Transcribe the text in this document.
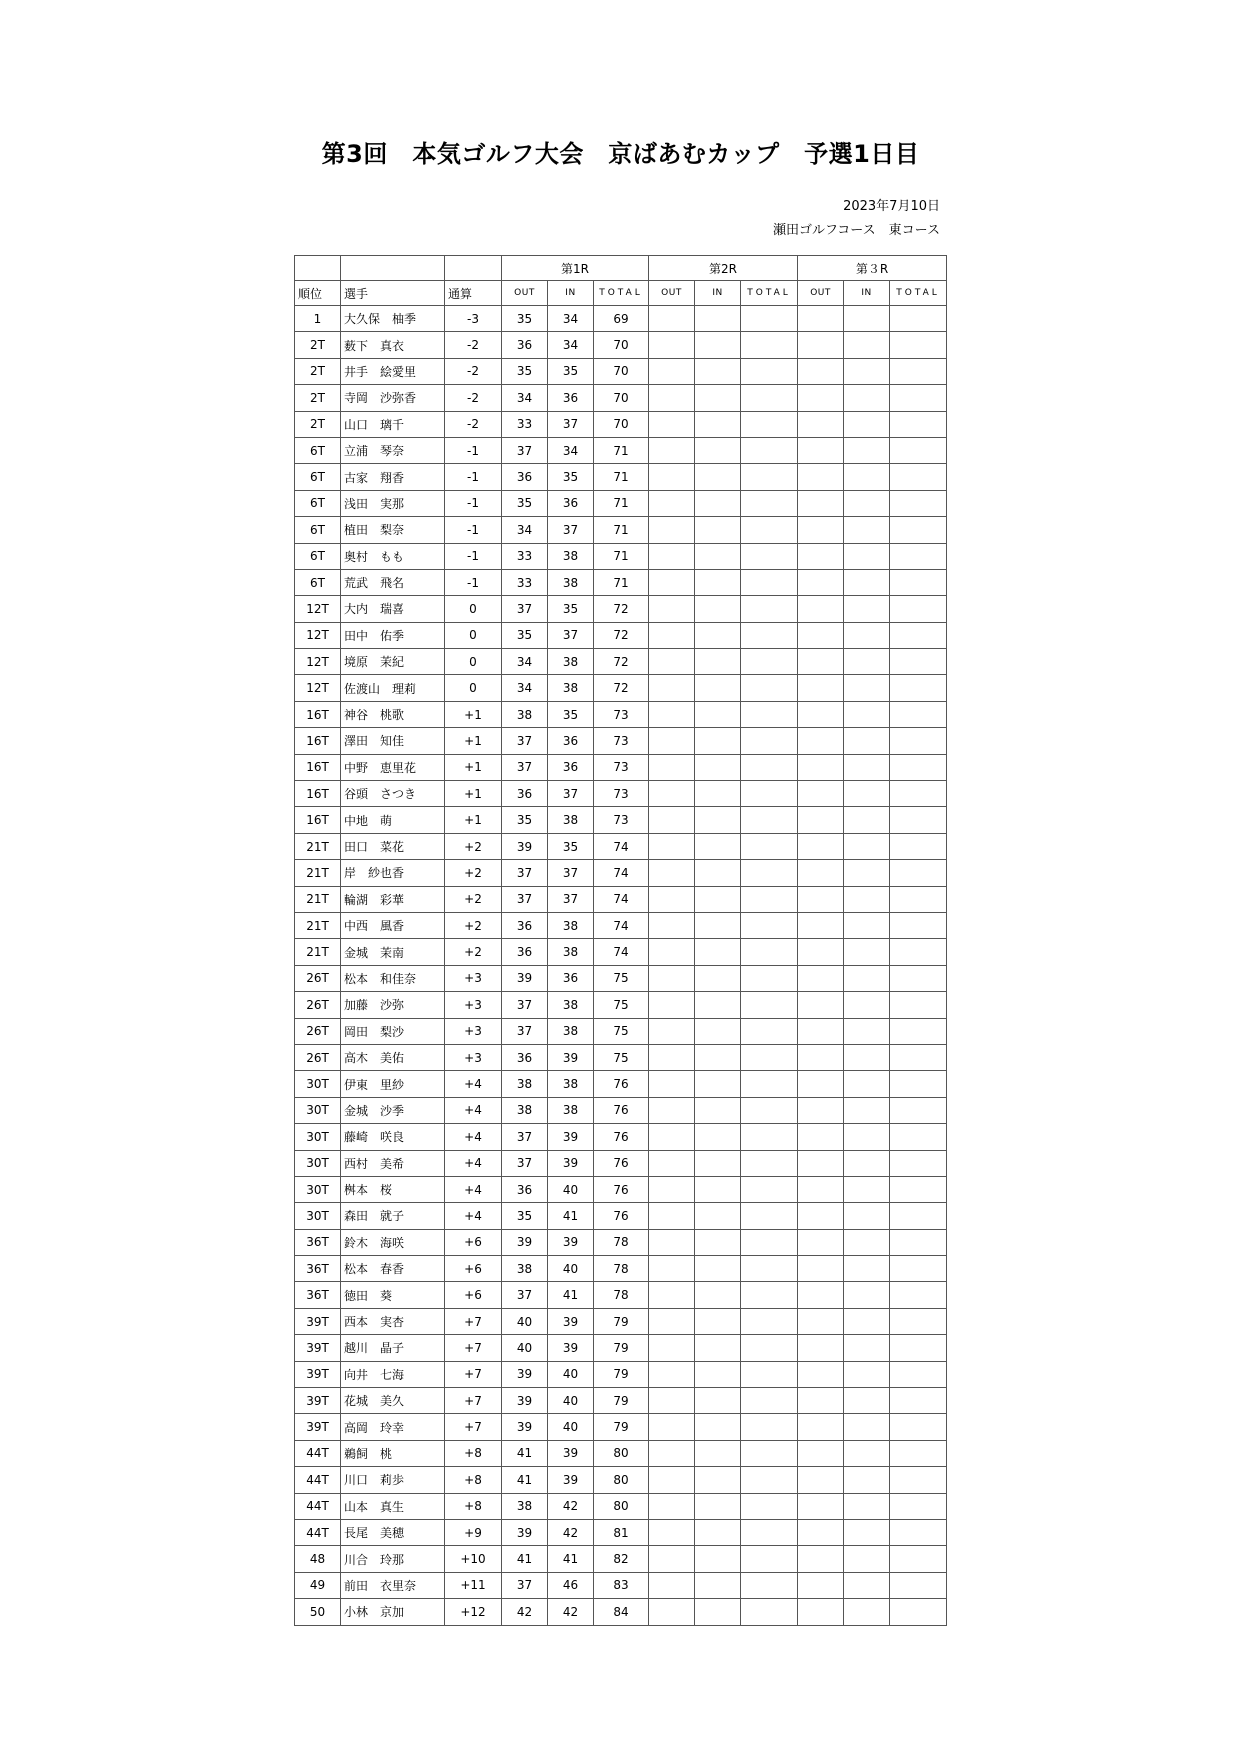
第3回　本気ゴルフ大会　京ばあむカップ　予選1日目
2023年7月10日
瀬田ゴルフコース　東コース
			第1R			第2R			第３R		
順位	選手	通算	OUT	IN	TOTAL	OUT	IN	TOTAL	OUT	IN	TOTAL
1	大久保　柚季	-3	35	34	69						
2T	薮下　真衣	-2	36	34	70						
2T	井手　絵愛里	-2	35	35	70						
2T	寺岡　沙弥香	-2	34	36	70						
2T	山口　璃千	-2	33	37	70						
6T	立浦　琴奈	-1	37	34	71						
6T	古家　翔香	-1	36	35	71						
6T	浅田　実那	-1	35	36	71						
6T	植田　梨奈	-1	34	37	71						
6T	奥村　もも	-1	33	38	71						
6T	荒武　飛名	-1	33	38	71						
12T	大内　瑞喜	0	37	35	72						
12T	田中　佑季	0	35	37	72						
12T	境原　茉紀	0	34	38	72						
12T	佐渡山　理莉	0	34	38	72						
16T	神谷　桃歌	+1	38	35	73						
16T	澤田　知佳	+1	37	36	73						
16T	中野　恵里花	+1	37	36	73						
16T	谷頭　さつき	+1	36	37	73						
16T	中地　萌	+1	35	38	73						
21T	田口　菜花	+2	39	35	74						
21T	岸　紗也香	+2	37	37	74						
21T	輪湖　彩華	+2	37	37	74						
21T	中西　風香	+2	36	38	74						
21T	金城　茉南	+2	36	38	74						
26T	松本　和佳奈	+3	39	36	75						
26T	加藤　沙弥	+3	37	38	75						
26T	岡田　梨沙	+3	37	38	75						
26T	高木　美佑	+3	36	39	75						
30T	伊東　里紗	+4	38	38	76						
30T	金城　沙季	+4	38	38	76						
30T	藤崎　咲良	+4	37	39	76						
30T	西村　美希	+4	37	39	76						
30T	桝本　桜	+4	36	40	76						
30T	森田　就子	+4	35	41	76						
36T	鈴木　海咲	+6	39	39	78						
36T	松本　春香	+6	38	40	78						
36T	徳田　葵	+6	37	41	78						
39T	西本　実杏	+7	40	39	79						
39T	越川　晶子	+7	40	39	79						
39T	向井　七海	+7	39	40	79						
39T	花城　美久	+7	39	40	79						
39T	高岡　玲幸	+7	39	40	79						
44T	鵜飼　桃	+8	41	39	80						
44T	川口　莉歩	+8	41	39	80						
44T	山本　真生	+8	38	42	80						
44T	長尾　美穂	+9	39	42	81						
48	川合　玲那	+10	41	41	82						
49	前田　衣里奈	+11	37	46	83						
50	小林　京加	+12	42	42	84						
